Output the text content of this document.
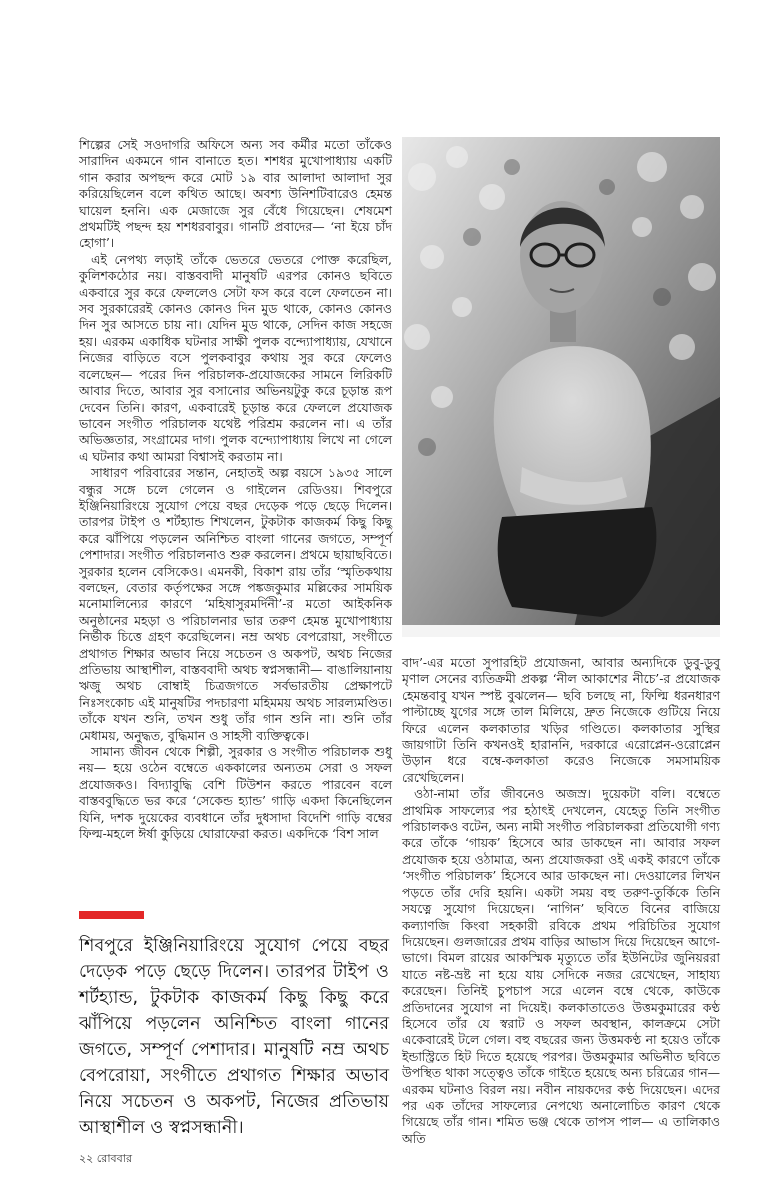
শিল্পের সেই সওদাগরি অফিসে অন্য সব কর্মীর মতো তাঁকেও সারাদিন একমনে গান বানাতে হত। শশধর মুখোপাধ্যায় একটি গান করার অপছন্দ করে মোট ১৯ বার আলাদা আলাদা সুর করিয়েছিলেন বলে কথিত আছে। অবশ্য উনিশটিবারেও হেমন্ত ঘায়েল হননি। এক মেজাজে সুর বেঁধে গিয়েছেন। শেষমেশ প্রথমটিই পছন্দ হয় শশধরবাবুর। গানটি প্রবাদের— ‘না ইয়ে চাঁদ হোগা’।

এই নেপথ্য লড়াই তাঁকে ভেতরে ভেতরে পোক্ত করেছিল, কুলিশকঠোর নয়। বাস্তববাদী মানুষটি এরপর কোনও ছবিতে একবারে সুর করে ফেললেও সেটা ফস করে বলে ফেলতেন না। সব সুরকারেরই কোনও কোনও দিন মুড থাকে, কোনও কোনও দিন সুর আসতে চায় না। যেদিন মুড থাকে, সেদিন কাজ সহজে হয়। এরকম একাধিক ঘটনার সাক্ষী পুলক বন্দ্যোপাধ্যায়, যেখানে নিজের বাড়িতে বসে পুলকবাবুর কথায় সুর করে ফেলেও বলেছেন— পরের দিন পরিচালক-প্রযোজকের সামনে লিরিকটি আবার দিতে, আবার সুর বসানোর অভিনয়টুকু করে চূড়ান্ত রূপ দেবেন তিনি। কারণ, একবারেই চূড়ান্ত করে ফেললে প্রযোজক ভাবেন সংগীত পরিচালক যথেষ্ট পরিশ্রম করলেন না। এ তাঁর অভিজ্ঞতার, সংগ্রামের দাগ। পুলক বন্দ্যোপাধ্যায় লিখে না গেলে এ ঘটনার কথা আমরা বিশ্বাসই করতাম না।

সাধারণ পরিবারের সন্তান, নেহাতই অল্প বয়সে ১৯৩৫ সালে বন্ধুর সঙ্গে চলে গেলেন ও গাইলেন রেডিওয়। শিবপুরে ইঞ্জিনিয়ারিংয়ে সুযোগ পেয়ে বছর দেড়েক পড়ে ছেড়ে দিলেন। তারপর টাইপ ও শর্টহ্যান্ড শিখলেন, টুকটাক কাজকর্ম কিছু কিছু করে ঝাঁপিয়ে পড়লেন অনিশ্চিত বাংলা গানের জগতে, সম্পূর্ণ পেশাদার। সংগীত পরিচালনাও শুরু করলেন। প্রথমে ছায়াছবিতে। সুরকার হলেন বেসিকেও। এমনকী, বিকাশ রায় তাঁর ‘স্মৃতিকথায় বলছেন, বেতার কর্তৃপক্ষের সঙ্গে পঙ্কজকুমার মল্লিকের সাময়িক মনোমালিন্যের কারণে ‘মহিষাসুরমর্দিনী’-র মতো আইকনিক অনুষ্ঠানের মহড়া ও পরিচালনার ভার তরুণ হেমন্ত মুখোপাধ্যায় নির্ভীক চিত্তে গ্রহণ করেছিলেন। নম্র অথচ বেপরোয়া, সংগীতে প্রথাগত শিক্ষার অভাব নিয়ে সচেতন ও অকপট, অথচ নিজের প্রতিভায় আস্থাশীল, বাস্তববাদী অথচ স্বপ্নসন্ধানী— বাঙালিয়ানায় ঋজু অথচ বোম্বাই চিত্রজগতে সর্বভারতীয় প্রেক্ষাপটে নিঃসংকোচ এই মানুষটির পদচারণা মহিমময় অথচ সারল্যমণ্ডিত। তাঁকে যখন শুনি, তখন শুধু তাঁর গান শুনি না। শুনি তাঁর মেধাময়, অনুদ্ধত, বুদ্ধিমান ও সাহসী ব্যক্তিত্বকে।

সামান্য জীবন থেকে শিল্পী, সুরকার ও সংগীত পরিচালক শুধু নয়— হয়ে ওঠেন বম্বেতে এককালের অন্যতম সেরা ও সফল প্রযোজকও। বিদ্যাবুদ্ধি বেশি টিউশন করতে পারবেন বলে বাস্তববুদ্ধিতে ভর করে ‘সেকেন্ড হ্যান্ড’ গাড়ি একদা কিনেছিলেন যিনি, দশক দুয়েকের ব্যবধানে তাঁর দুধসাদা বিদেশি গাড়ি বম্বের ফিল্ম-মহলে ঈর্ষা কুড়িয়ে ঘোরাফেরা করত। একদিকে ‘বিশ সাল

বাদ’-এর মতো সুপারহিট প্রযোজনা, আবার অন্যদিকে ডুবু-ডুবু মৃণাল সেনের ব্যতিক্রমী প্রকল্প ‘নীল আকাশের নীচে’-র প্রযোজক হেমন্তবাবু যখন স্পষ্ট বুঝলেন— ছবি চলছে না, ফিল্মি ধরনধারণ পাল্টাচ্ছে যুগের সঙ্গে তাল মিলিয়ে, দ্রুত নিজেকে গুটিয়ে নিয়ে ফিরে এলেন কলকাতার খড়ির গণ্ডিতে। কলকাতার সুস্থির জায়গাটা তিনি কখনওই হারাননি, দরকারে এরোপ্লেন-ওরোপ্লেন উড়ান ধরে বম্বে-কলকাতা করেও নিজেকে সমসাময়িক রেখেছিলেন।

ওঠা-নামা তাঁর জীবনেও অজস্র। দুয়েকটা বলি। বম্বেতে প্রাথমিক সাফল্যের পর হঠাৎই দেখলেন, যেহেতু তিনি সংগীত পরিচালকও বটেন, অন্য নামী সংগীত পরিচালকরা প্রতিযোগী গণ্য করে তাঁকে ‘গায়ক’ হিসেবে আর ডাকছেন না। আবার সফল প্রযোজক হয়ে ওঠামাত্র, অন্য প্রযোজকরা ওই একই কারণে তাঁকে ‘সংগীত পরিচালক’ হিসেবে আর ডাকছেন না। দেওয়ালের লিখন পড়তে তাঁর দেরি হয়নি। একটা সময় বহু তরুণ-তুর্কিকে তিনি সযত্নে সুযোগ দিয়েছেন। ‘নাগিন’ ছবিতে বিনের বাজিয়ে কল্যাণজি কিংবা সহকারী রবিকে প্রথম পরিচিতির সুযোগ দিয়েছেন। গুলজারের প্রথম বাড়ির আভাস দিয়ে দিয়েছেন আগে-ভাগে। বিমল রায়ের আকস্মিক মৃত্যুতে তাঁর ইউনিটের জুনিয়ররা যাতে নষ্ট-ভ্রষ্ট না হয়ে যায় সেদিকে নজর রেখেছেন, সাহায্য করেছেন। তিনিই চুপচাপ সরে এলেন বম্বে থেকে, কাউকে প্রতিদানের সুযোগ না দিয়েই। কলকাতাতেও উত্তমকুমারের কণ্ঠ হিসেবে তাঁর যে স্বরাট ও সফল অবস্থান, কালক্রমে সেটা একেবারেই টলে গেল। বহু বছরের জন্য উত্তমকণ্ঠ না হয়েও তাঁকে ইন্ডাস্ট্রিতে হিট দিতে হয়েছে পরপর। উত্তমকুমার অভিনীত ছবিতে উপস্থিত থাকা সত্ত্বেও তাঁকে গাইতে হয়েছে অন্য চরিত্রের গান— এরকম ঘটনাও বিরল নয়। নবীন নায়কদের কণ্ঠ দিয়েছেন। এদের পর এক তাঁদের সাফল্যের নেপথ্যে অনালোচিত কারণ থেকে গিয়েছে তাঁর গান। শমিত ভঞ্জ থেকে তাপস পাল— এ তালিকাও অতি

শিবপুরে ইঞ্জিনিয়ারিংয়ে সুযোগ পেয়ে বছর দেড়েক পড়ে ছেড়ে দিলেন। তারপর টাইপ ও শর্টহ্যান্ড, টুকটাক কাজকর্ম কিছু কিছু করে ঝাঁপিয়ে পড়লেন অনিশ্চিত বাংলা গানের জগতে, সম্পূর্ণ পেশাদার। মানুষটি নম্র অথচ বেপরোয়া, সংগীতে প্রথাগত শিক্ষার অভাব নিয়ে সচেতন ও অকপট, নিজের প্রতিভায় আস্থাশীল ও স্বপ্নসন্ধানী।

২২ রোববার
